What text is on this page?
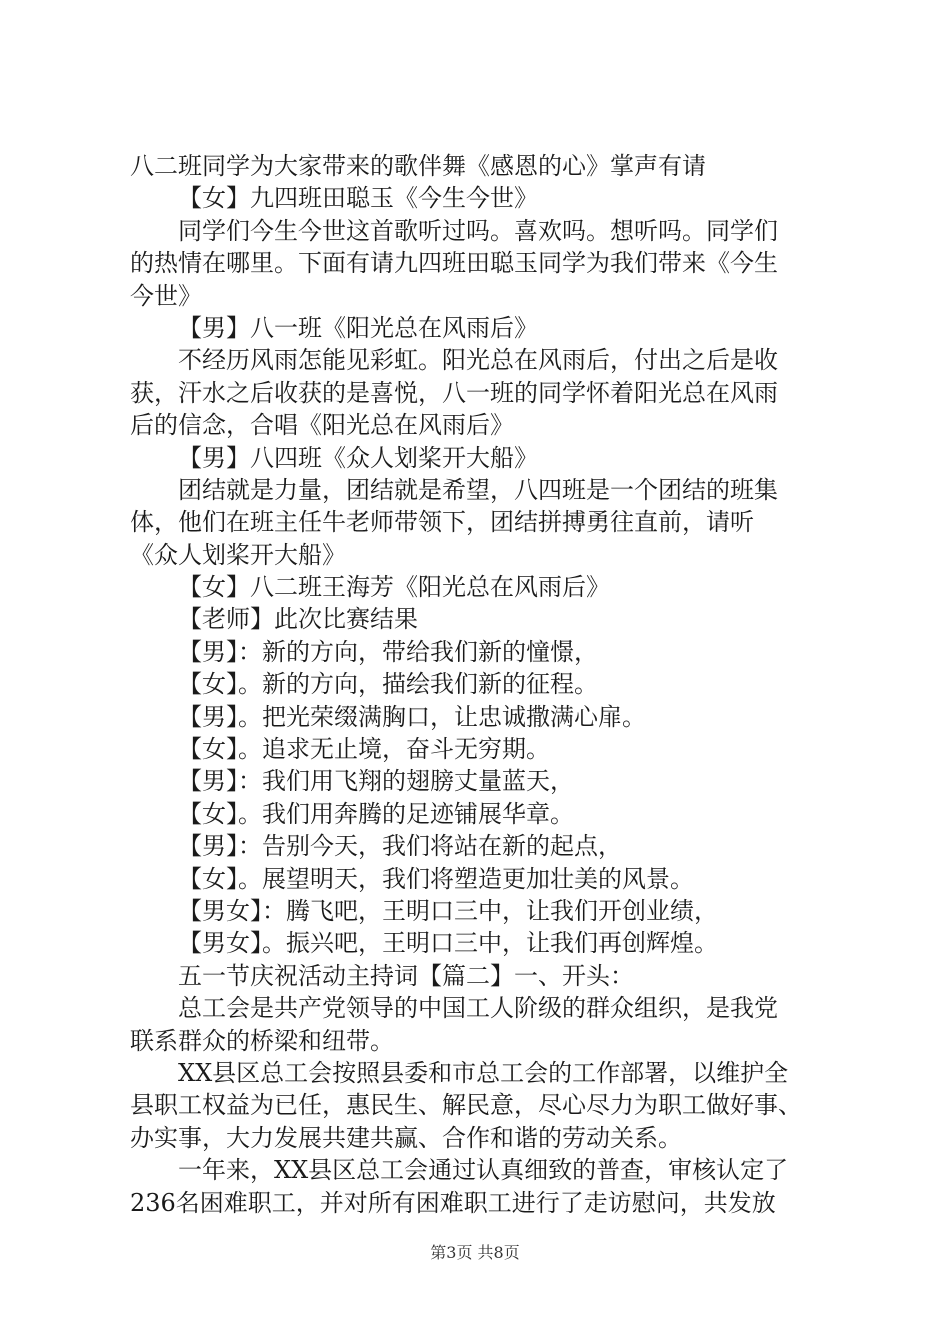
八二班同学为大家带来的歌伴舞《感恩的心》掌声有请
【女】九四班田聪玉《今生今世》
同学们今生今世这首歌听过吗。喜欢吗。想听吗。同学们
的热情在哪里。下面有请九四班田聪玉同学为我们带来《今生
今世》
【男】八一班《阳光总在风雨后》
不经历风雨怎能见彩虹。阳光总在风雨后，付出之后是收
获，汗水之后收获的是喜悦，八一班的同学怀着阳光总在风雨
后的信念，合唱《阳光总在风雨后》
【男】八四班《众人划桨开大船》
团结就是力量，团结就是希望，八四班是一个团结的班集
体，他们在班主任牛老师带领下，团结拼搏勇往直前，请听
《众人划桨开大船》
【女】八二班王海芳《阳光总在风雨后》
【老师】此次比赛结果
【男】：新的方向，带给我们新的憧憬，
【女】。新的方向，描绘我们新的征程。
【男】。把光荣缀满胸口，让忠诚撒满心扉。
【女】。追求无止境，奋斗无穷期。
【男】：我们用飞翔的翅膀丈量蓝天，
【女】。我们用奔腾的足迹铺展华章。
【男】：告别今天，我们将站在新的起点，
【女】。展望明天，我们将塑造更加壮美的风景。
【男女】：腾飞吧，王明口三中，让我们开创业绩，
【男女】。振兴吧，王明口三中，让我们再创辉煌。
五一节庆祝活动主持词【篇二】一、开头：
总工会是共产党领导的中国工人阶级的群众组织，是我党
联系群众的桥梁和纽带。
XX县区总工会按照县委和市总工会的工作部署，以维护全
县职工权益为已任，惠民生、解民意，尽心尽力为职工做好事、
办实事，大力发展共建共赢、合作和谐的劳动关系。
一年来，XX县区总工会通过认真细致的普查，审核认定了
236名困难职工，并对所有困难职工进行了走访慰问，共发放
第3页 共8页
